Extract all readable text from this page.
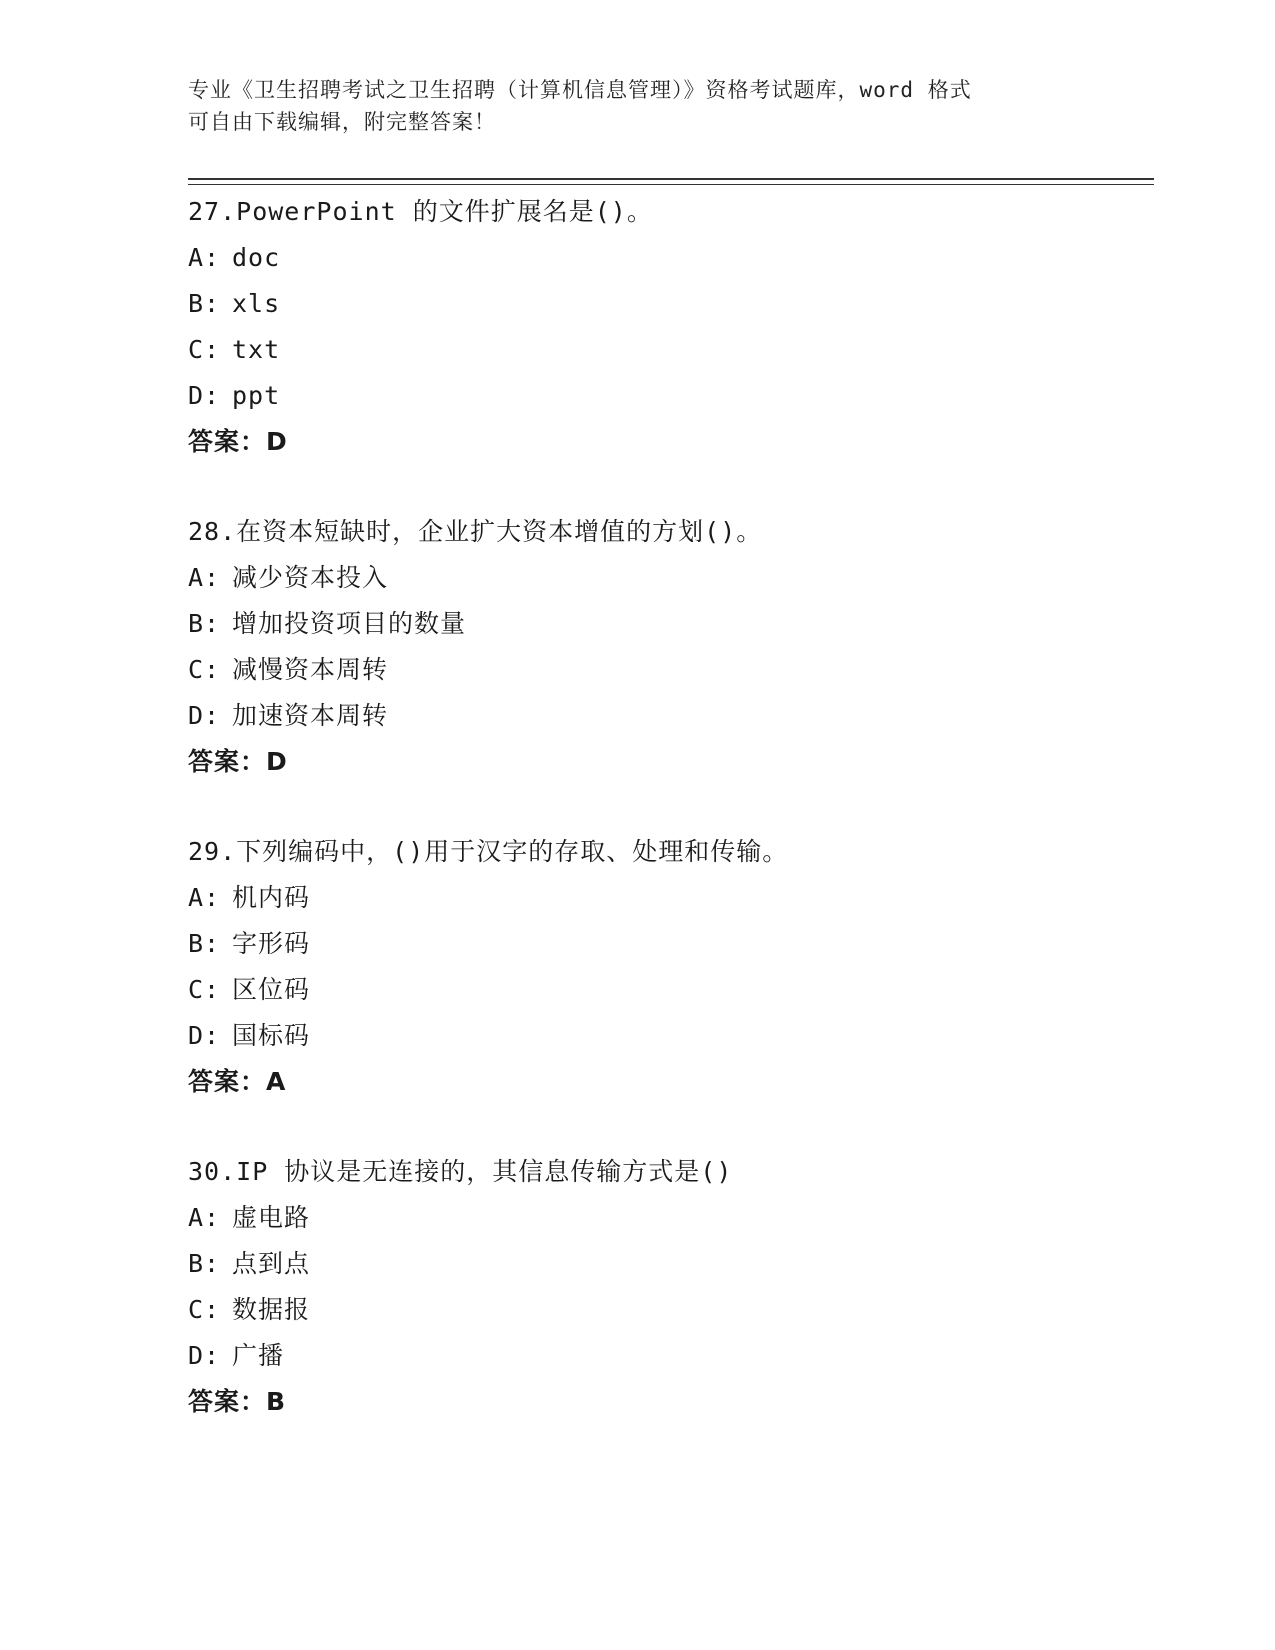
专业《卫生招聘考试之卫生招聘（计算机信息管理）》资格考试题库，word 格式
可自由下载编辑，附完整答案！
27.PowerPoint 的文件扩展名是()。
A: doc
B: xls
C: txt
D: ppt
答案：D
28.在资本短缺时，企业扩大资本增值的方划()。
A: 减少资本投入
B: 增加投资项目的数量
C: 减慢资本周转
D: 加速资本周转
答案：D
29.下列编码中，()用于汉字的存取、处理和传输。
A: 机内码
B: 字形码
C: 区位码
D: 国标码
答案：A
30.IP 协议是无连接的，其信息传输方式是()
A: 虚电路
B: 点到点
C: 数据报
D: 广播
答案：B
